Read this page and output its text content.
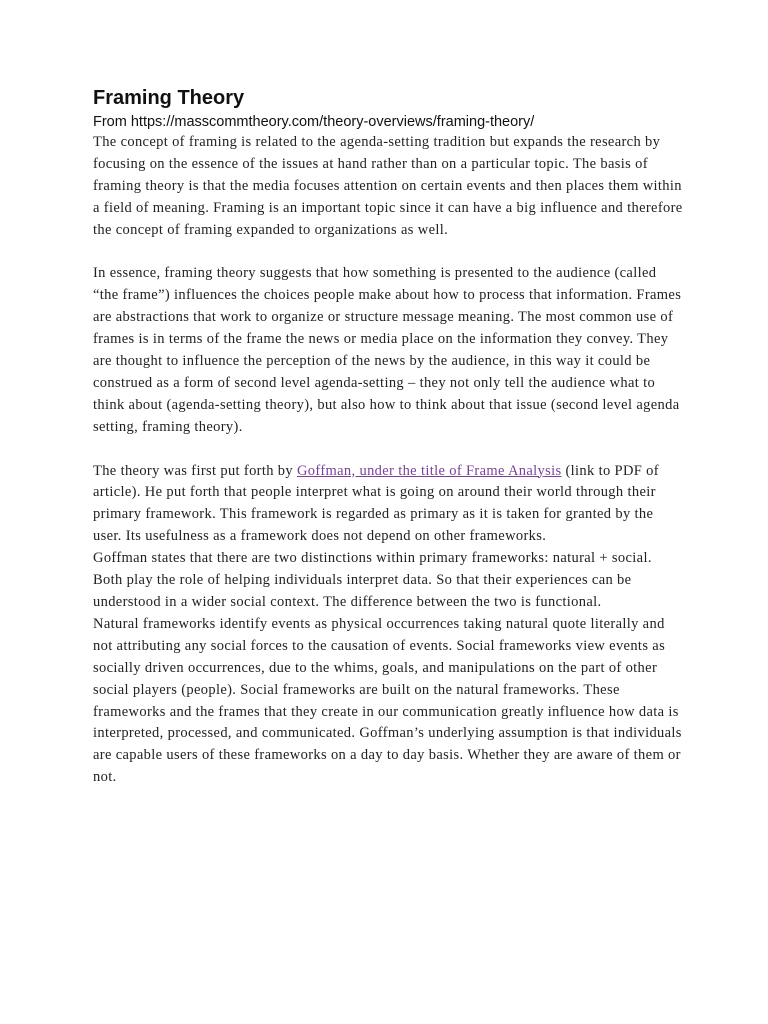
Framing Theory

From https://masscommtheory.com/theory-overviews/framing-theory/

The concept of framing is related to the agenda-setting tradition but expands the research by focusing on the essence of the issues at hand rather than on a particular topic. The basis of framing theory is that the media focuses attention on certain events and then places them within a field of meaning. Framing is an important topic since it can have a big influence and therefore the concept of framing expanded to organizations as well.

In essence, framing theory suggests that how something is presented to the audience (called “the frame”) influences the choices people make about how to process that information. Frames are abstractions that work to organize or structure message meaning. The most common use of frames is in terms of the frame the news or media place on the information they convey. They are thought to influence the perception of the news by the audience, in this way it could be construed as a form of second level agenda-setting – they not only tell the audience what to think about (agenda-setting theory), but also how to think about that issue (second level agenda setting, framing theory).

The theory was first put forth by Goffman, under the title of Frame Analysis (link to PDF of article). He put forth that people interpret what is going on around their world through their primary framework. This framework is regarded as primary as it is taken for granted by the user. Its usefulness as a framework does not depend on other frameworks.

Goffman states that there are two distinctions within primary frameworks: natural + social. Both play the role of helping individuals interpret data. So that their experiences can be understood in a wider social context. The difference between the two is functional.

Natural frameworks identify events as physical occurrences taking natural quote literally and not attributing any social forces to the causation of events. Social frameworks view events as socially driven occurrences, due to the whims, goals, and manipulations on the part of other social players (people). Social frameworks are built on the natural frameworks. These frameworks and the frames that they create in our communication greatly influence how data is interpreted, processed, and communicated. Goffman’s underlying assumption is that individuals are capable users of these frameworks on a day to day basis. Whether they are aware of them or not.
